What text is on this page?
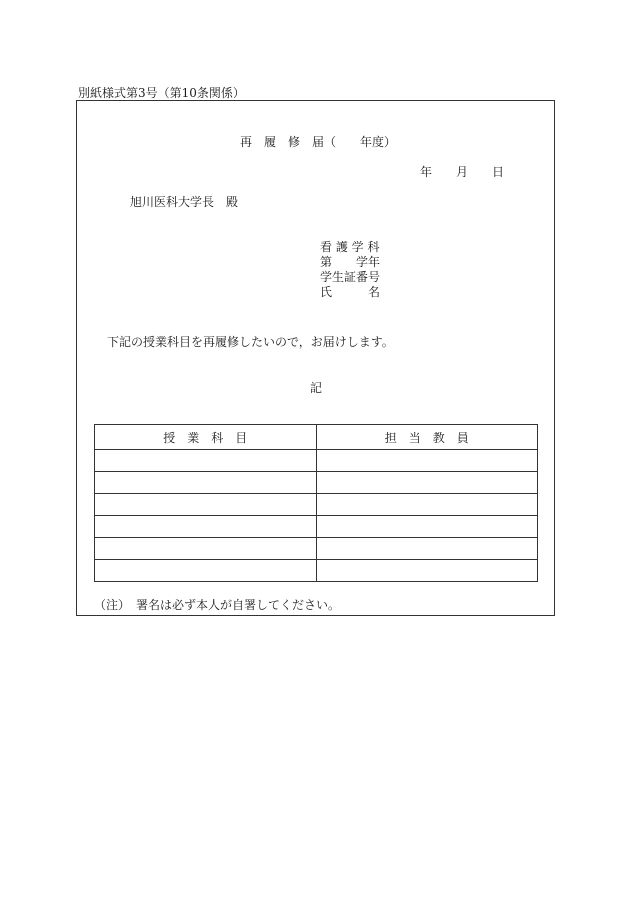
別紙様式第3号（第10条関係）
再　履　修　届（　　年度）
年　　月　　日
旭川医科大学長　殿
看 護 学 科
第　　学年
学生証番号
氏　　　名
下記の授業科目を再履修したいので，お届けします。
記
授　業　科　目	担　当　教　員

（注）　署名は必ず本人が自署してください。
